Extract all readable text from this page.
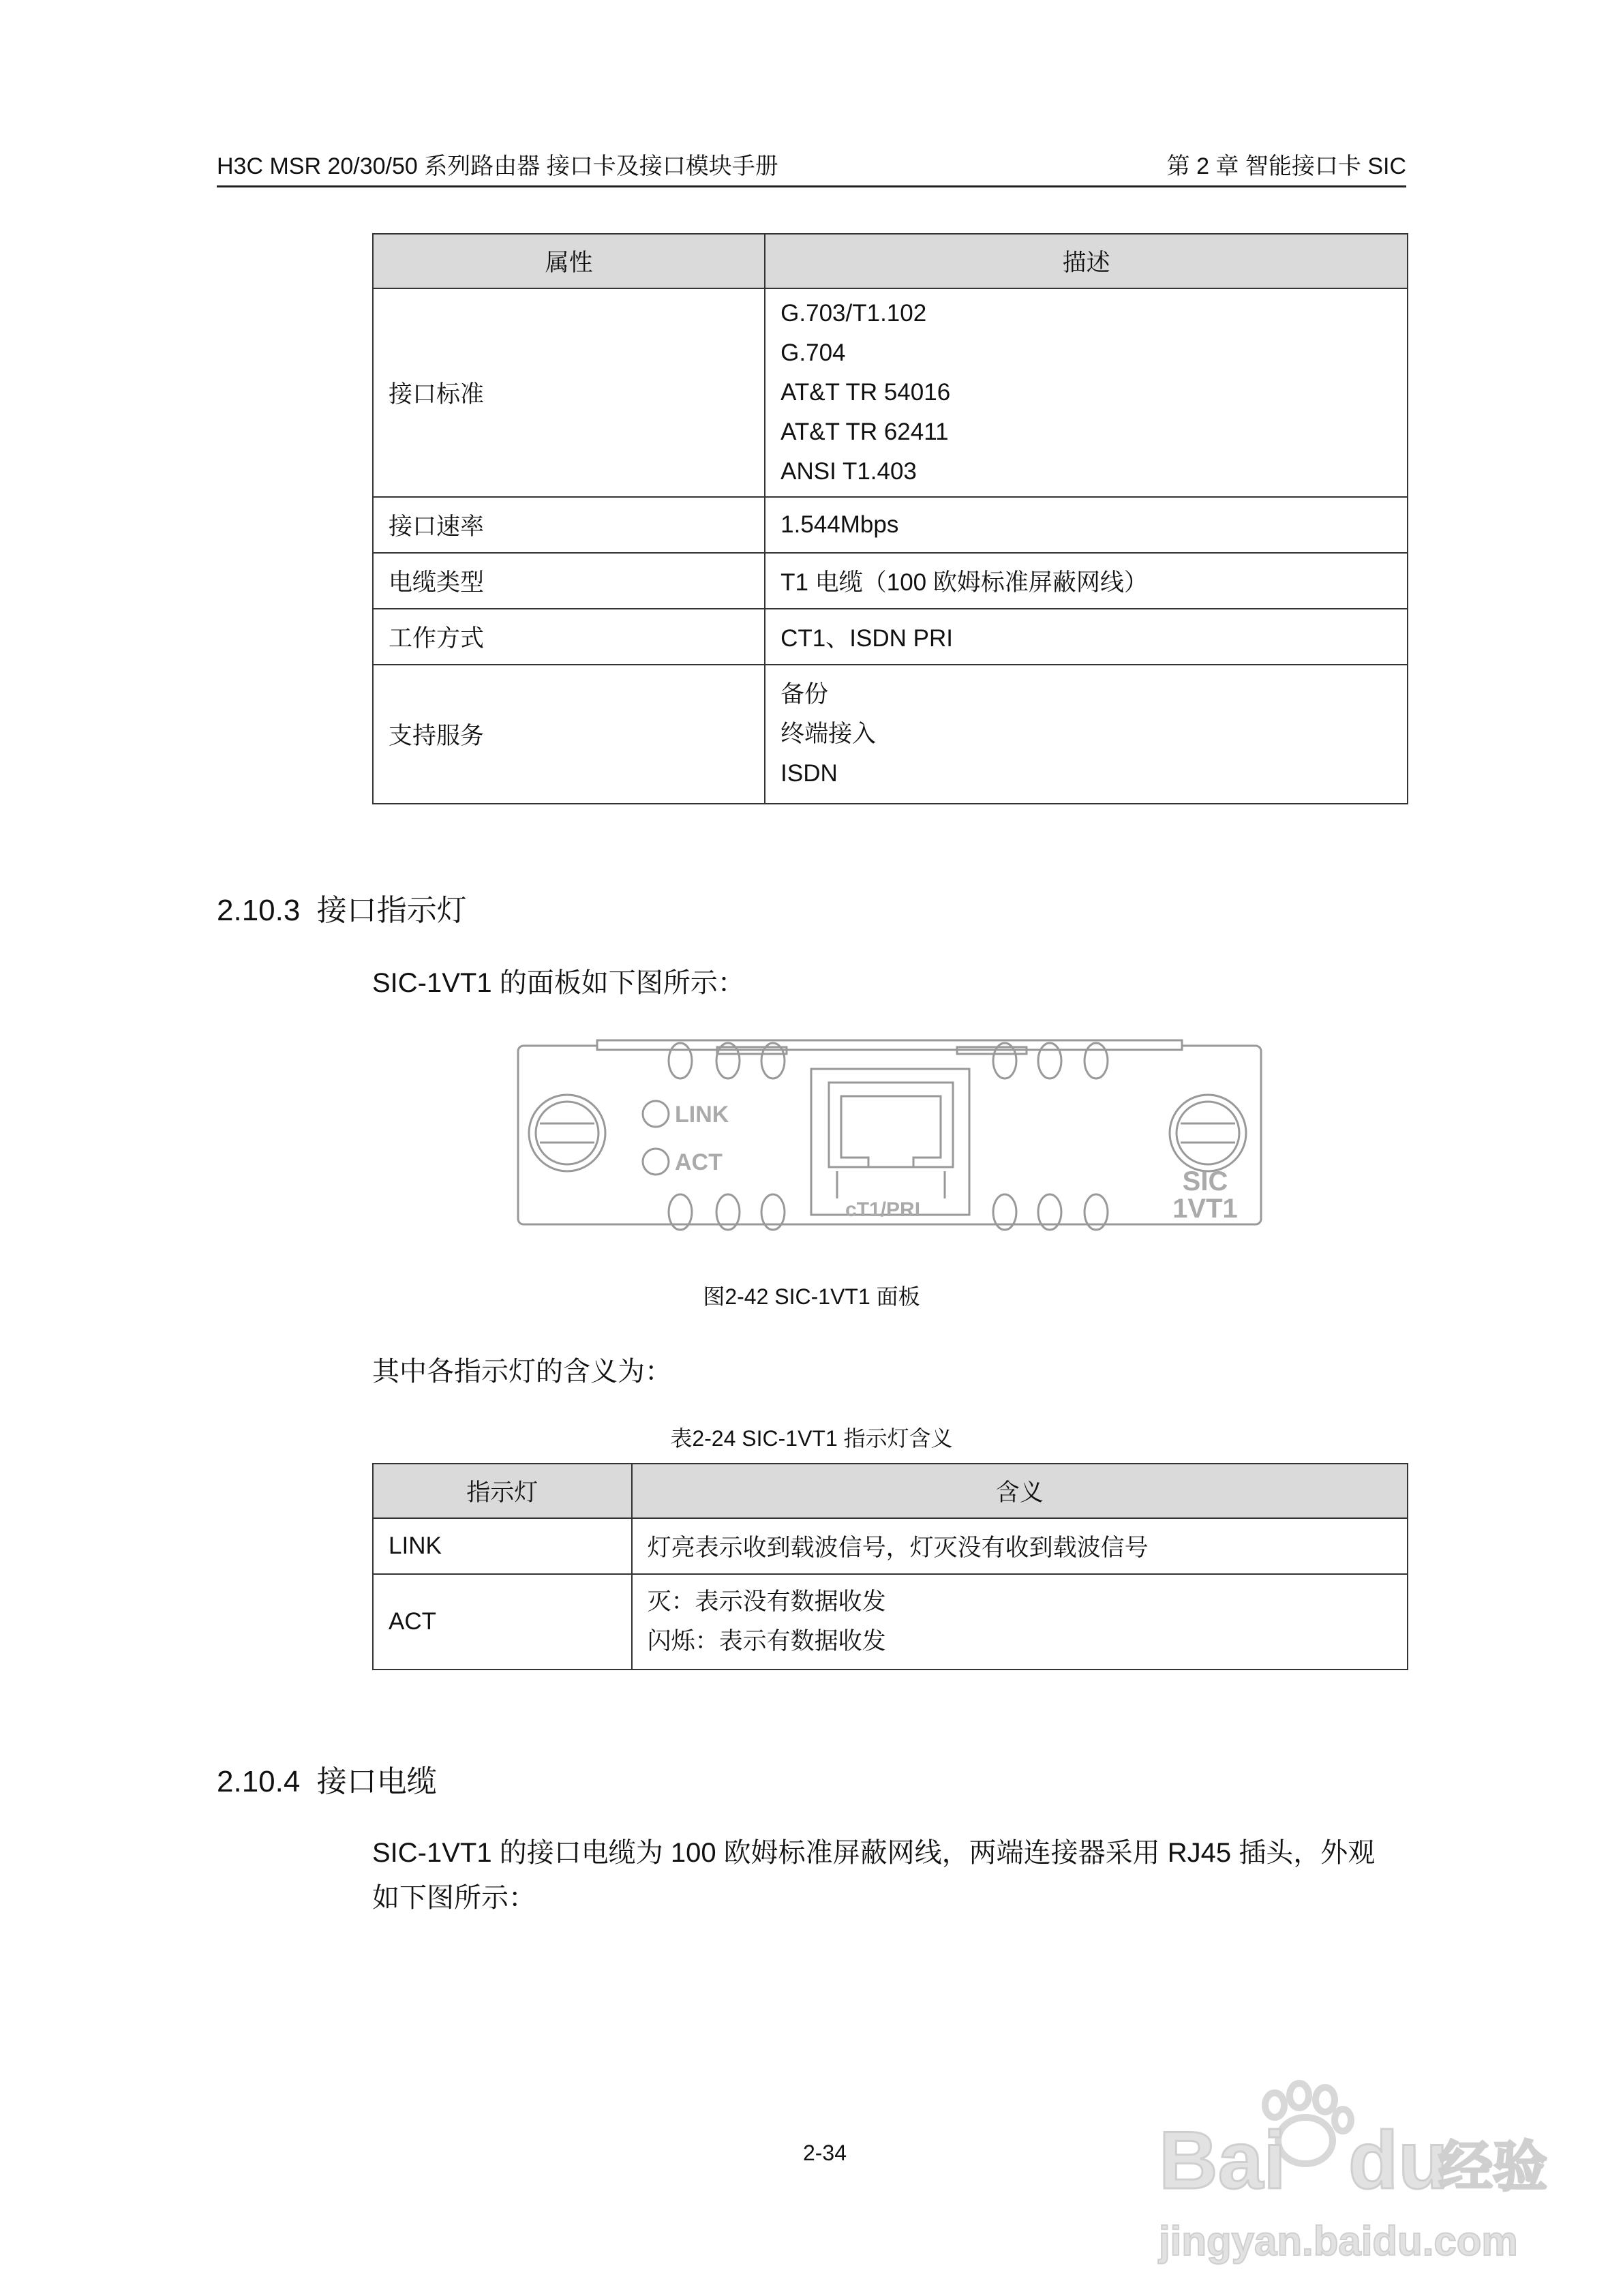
H3C MSR 20/30/50 系列路由器 接口卡及接口模块手册	第 2 章 智能接口卡 SIC
属性	描述
接口标准	G.703/T1.102
G.704
AT&T TR 54016
AT&T TR 62411
ANSI T1.403

接口速率	1.544Mbps
电缆类型	T1 电缆（100 欧姆标准屏蔽网线）
工作方式	CT1、ISDN PRI
支持服务	备份
终端接入
ISDN
2.10.3 接口指示灯
SIC-1VT1 的面板如下图所示：
LINK
ACT
cT1/PRI
SIC
1VT1
图2-42 SIC-1VT1 面板
其中各指示灯的含义为：
表2-24 SIC-1VT1 指示灯含义
指示灯	含义
LINK	灯亮表示收到载波信号，灯灭没有收到载波信号
ACT	灭：表示没有数据收发
闪烁：表示有数据收发
2.10.4 接口电缆
SIC-1VT1 的接口电缆为 100 欧姆标准屏蔽网线，两端连接器采用 RJ45 插头，外观
如下图所示：
2-34	Bai du
经验
jingyan.baidu.com
